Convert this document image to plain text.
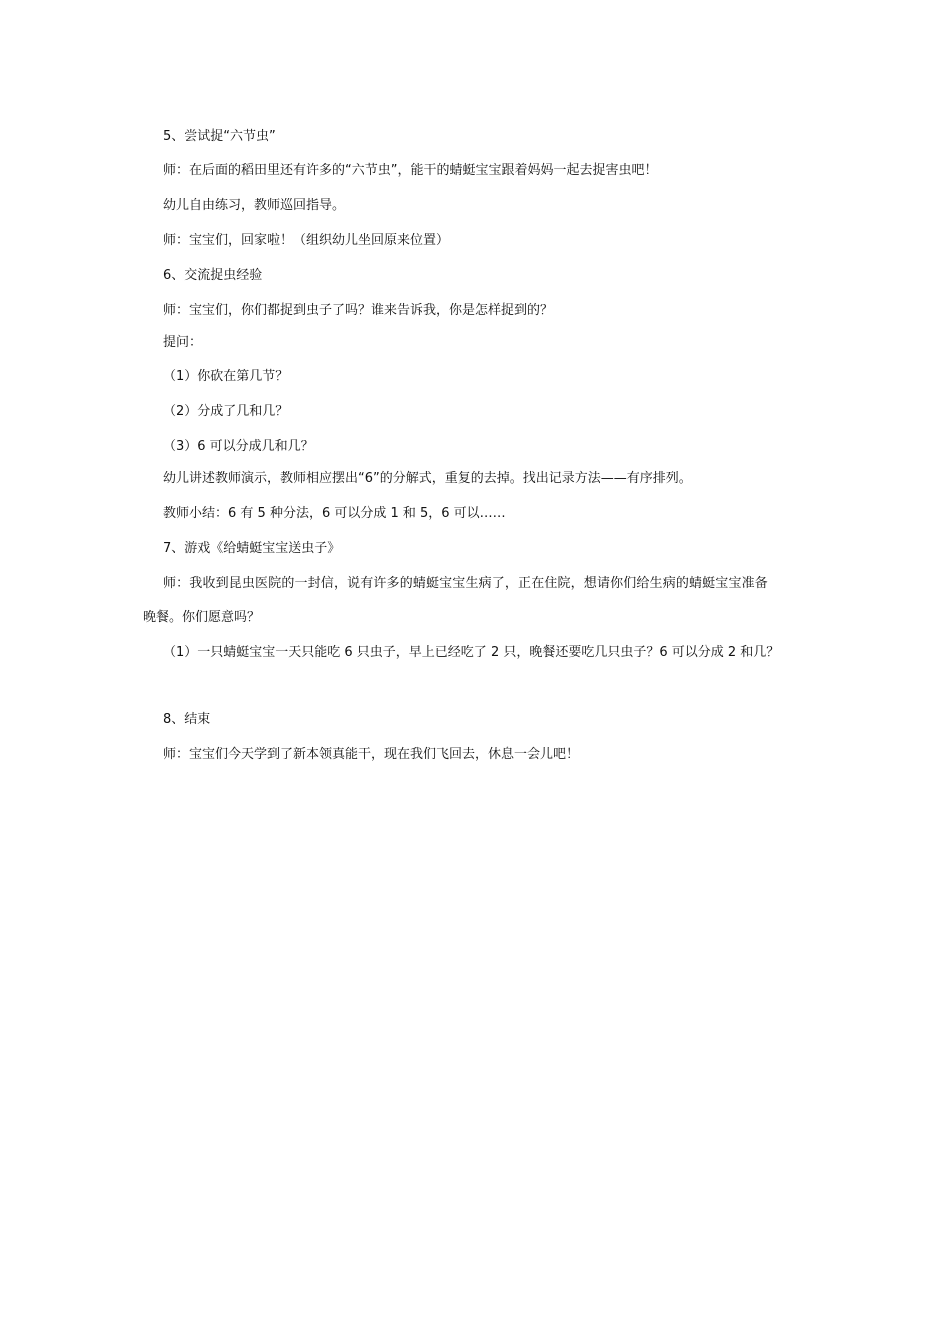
5、尝试捉“六节虫”
师：在后面的稻田里还有许多的“六节虫”，能干的蜻蜓宝宝跟着妈妈一起去捉害虫吧！
幼儿自由练习，教师巡回指导。
师：宝宝们，回家啦！（组织幼儿坐回原来位置）
6、交流捉虫经验
师：宝宝们，你们都捉到虫子了吗？谁来告诉我，你是怎样捉到的？
提问：
（1）你砍在第几节？
（2）分成了几和几？
（3）6 可以分成几和几？
幼儿讲述教师演示，教师相应摆出“6”的分解式，重复的去掉。找出记录方法——有序排列。
教师小结：6 有 5 种分法，6 可以分成 1 和 5，6 可以……
7、游戏《给蜻蜓宝宝送虫子》
师：我收到昆虫医院的一封信，说有许多的蜻蜓宝宝生病了，正在住院，想请你们给生病的蜻蜓宝宝准备
晚餐。你们愿意吗？
（1）一只蜻蜓宝宝一天只能吃 6 只虫子，早上已经吃了 2 只，晚餐还要吃几只虫子？6 可以分成 2 和几？
8、结束
师：宝宝们今天学到了新本领真能干，现在我们飞回去，休息一会儿吧！
